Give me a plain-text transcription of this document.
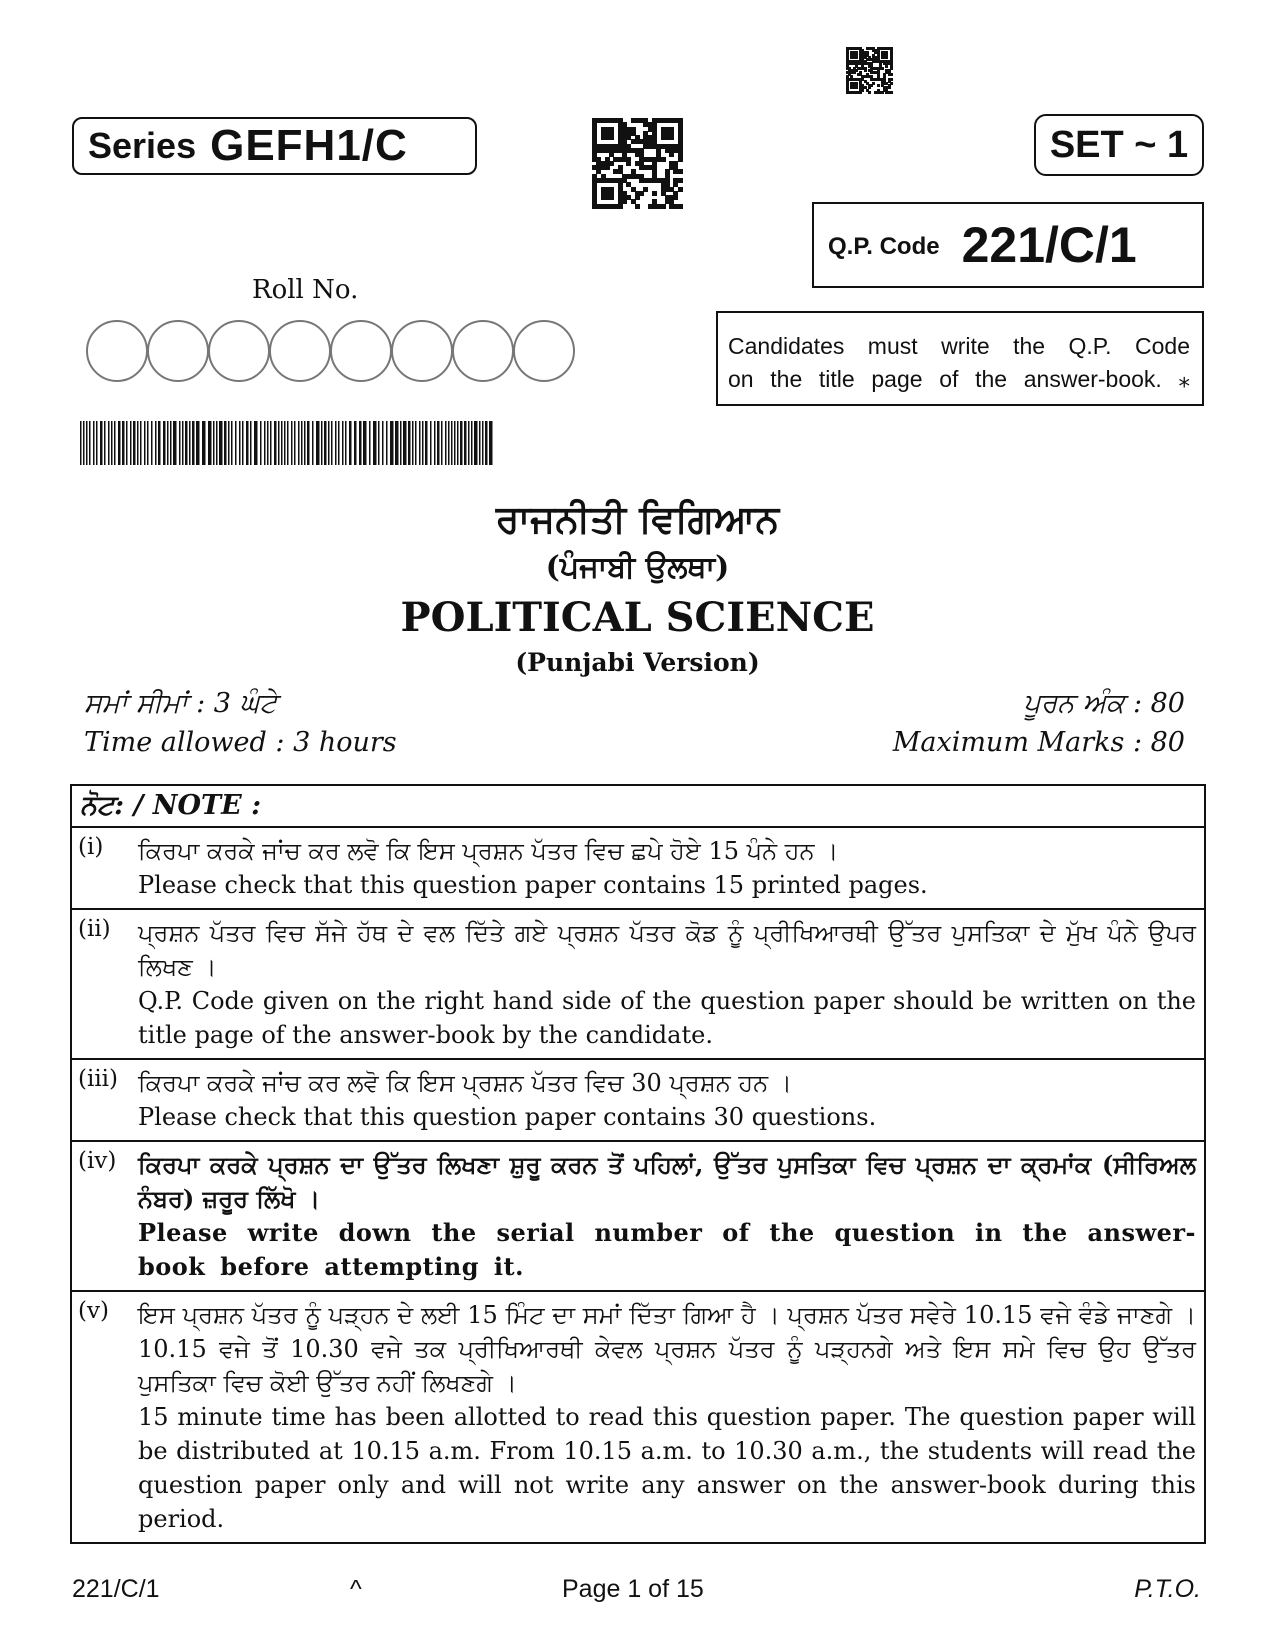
Series GEFH1/C	SET ~ 1
Q.P. Code 221/C/1
Candidates must write the Q.P. Code
on the title page of the answer-book. ⁎
Roll No.
ਰਾਜਨੀਤੀ ਵਿਗਿਆਨ
(ਪੰਜਾਬੀ ਉਲਥਾ)
POLITICAL SCIENCE
(Punjabi Version)
ਸਮਾਂ ਸੀਮਾਂ : 3 ਘੰਟੇ
Time allowed : 3 hours
ਪੂਰਨ ਅੰਕ : 80
Maximum Marks : 80
ਨੋਟ: / NOTE :
(i) ਕਿਰਪਾ ਕਰਕੇ ਜਾਂਚ ਕਰ ਲਵੋ ਕਿ ਇਸ ਪ੍ਰਸ਼ਨ ਪੱਤਰ ਵਿਚ ਛਪੇ ਹੋਏ 15 ਪੰਨੇ ਹਨ ।
Please check that this question paper contains 15 printed pages.
(ii) ਪ੍ਰਸ਼ਨ ਪੱਤਰ ਵਿਚ ਸੱਜੇ ਹੱਥ ਦੇ ਵਲ ਦਿੱਤੇ ਗਏ ਪ੍ਰਸ਼ਨ ਪੱਤਰ ਕੋਡ ਨੂੰ ਪ੍ਰੀਖਿਆਰਥੀ ਉੱਤਰ ਪੁਸਤਿਕਾ ਦੇ ਮੁੱਖ ਪੰਨੇ ਉਪਰ ਲਿਖਣ ।
Q.P. Code given on the right hand side of the question paper should be written on the title page of the answer-book by the candidate.
(iii) ਕਿਰਪਾ ਕਰਕੇ ਜਾਂਚ ਕਰ ਲਵੋ ਕਿ ਇਸ ਪ੍ਰਸ਼ਨ ਪੱਤਰ ਵਿਚ 30 ਪ੍ਰਸ਼ਨ ਹਨ ।
Please check that this question paper contains 30 questions.
(iv) ਕਿਰਪਾ ਕਰਕੇ ਪ੍ਰਸ਼ਨ ਦਾ ਉੱਤਰ ਲਿਖਣਾ ਸ਼ੁਰੂ ਕਰਨ ਤੋਂ ਪਹਿਲਾਂ, ਉੱਤਰ ਪੁਸਤਿਕਾ ਵਿਚ ਪ੍ਰਸ਼ਨ ਦਾ ਕ੍ਰਮਾਂਕ (ਸੀਰਿਅਲ ਨੰਬਰ) ਜ਼ਰੂਰ ਲਿੱਖੋ ।
Please write down the serial number of the question in the answer-book before attempting it.
(v) ਇਸ ਪ੍ਰਸ਼ਨ ਪੱਤਰ ਨੂੰ ਪੜ੍ਹਨ ਦੇ ਲਈ 15 ਮਿੰਟ ਦਾ ਸਮਾਂ ਦਿੱਤਾ ਗਿਆ ਹੈ । ਪ੍ਰਸ਼ਨ ਪੱਤਰ ਸਵੇਰੇ 10.15 ਵਜੇ ਵੰਡੇ ਜਾਣਗੇ । 10.15 ਵਜੇ ਤੋਂ 10.30 ਵਜੇ ਤਕ ਪ੍ਰੀਖਿਆਰਥੀ ਕੇਵਲ ਪ੍ਰਸ਼ਨ ਪੱਤਰ ਨੂੰ ਪੜ੍ਹਨਗੇ ਅਤੇ ਇਸ ਸਮੇ ਵਿਚ ਉਹ ਉੱਤਰ ਪੁਸਤਿਕਾ ਵਿਚ ਕੋਈ ਉੱਤਰ ਨਹੀਂ ਲਿਖਣਗੇ ।
15 minute time has been allotted to read this question paper. The question paper will be distributed at 10.15 a.m. From 10.15 a.m. to 10.30 a.m., the students will read the question paper only and will not write any answer on the answer-book during this period.
221/C/1	^	Page 1 of 15	P.T.O.
